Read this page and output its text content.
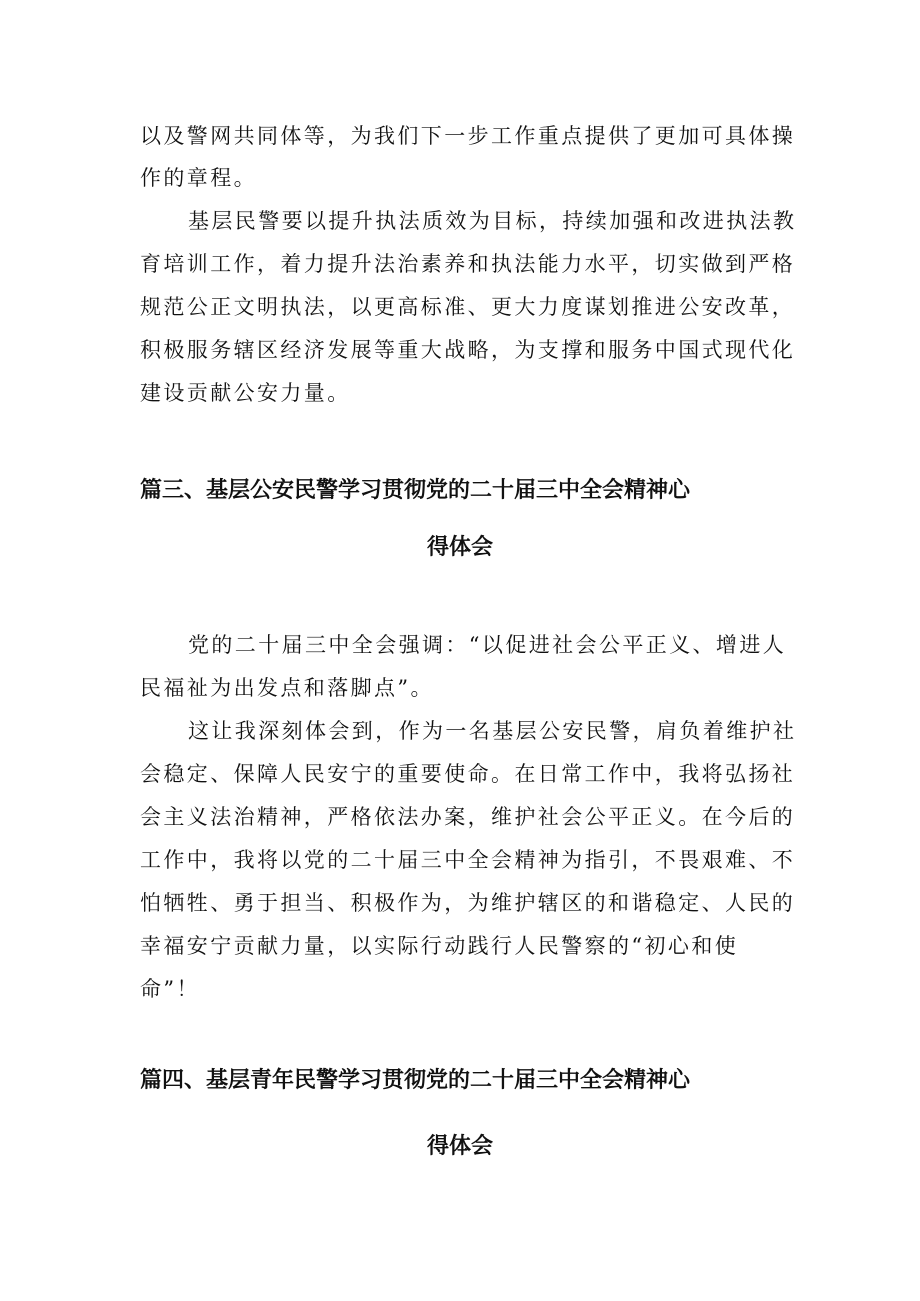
以及警网共同体等，为我们下一步工作重点提供了更加可具体操
作的章程。
基层民警要以提升执法质效为目标，持续加强和改进执法教
育培训工作，着力提升法治素养和执法能力水平，切实做到严格
规范公正文明执法，以更高标准、更大力度谋划推进公安改革，
积极服务辖区经济发展等重大战略，为支撑和服务中国式现代化
建设贡献公安力量。
篇三、基层公安民警学习贯彻党的二十届三中全会精神心
得体会
党的二十届三中全会强调：“以促进社会公平正义、增进人
民福祉为出发点和落脚点”。
这让我深刻体会到，作为一名基层公安民警，肩负着维护社
会稳定、保障人民安宁的重要使命。在日常工作中，我将弘扬社
会主义法治精神，严格依法办案，维护社会公平正义。在今后的
工作中，我将以党的二十届三中全会精神为指引，不畏艰难、不
怕牺牲、勇于担当、积极作为，为维护辖区的和谐稳定、人民的
幸福安宁贡献力量，以实际行动践行人民警察的“初心和使
命”！
篇四、基层青年民警学习贯彻党的二十届三中全会精神心
得体会
